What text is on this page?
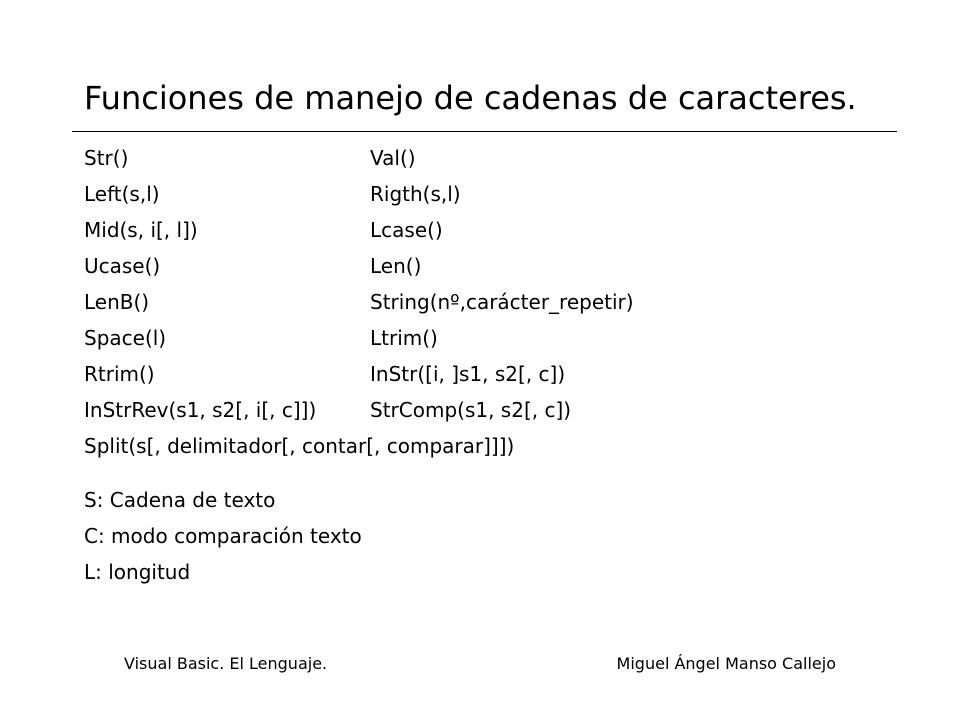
Funciones de manejo de cadenas de caracteres.
Str()	Val()
Left(s,l)	Rigth(s,l)
Mid(s, i[, l])	Lcase()
Ucase()	Len()
LenB()	String(nº,carácter_repetir)
Space(l)	Ltrim()
Rtrim()	InStr([i, ]s1, s2[, c])
InStrRev(s1, s2[, i[, c]])	StrComp(s1, s2[, c])
Split(s[, delimitador[, contar[, comparar]]])
S: Cadena de texto
C: modo comparación texto
L: longitud
Visual Basic. El Lenguaje.	Miguel Ángel Manso Callejo
